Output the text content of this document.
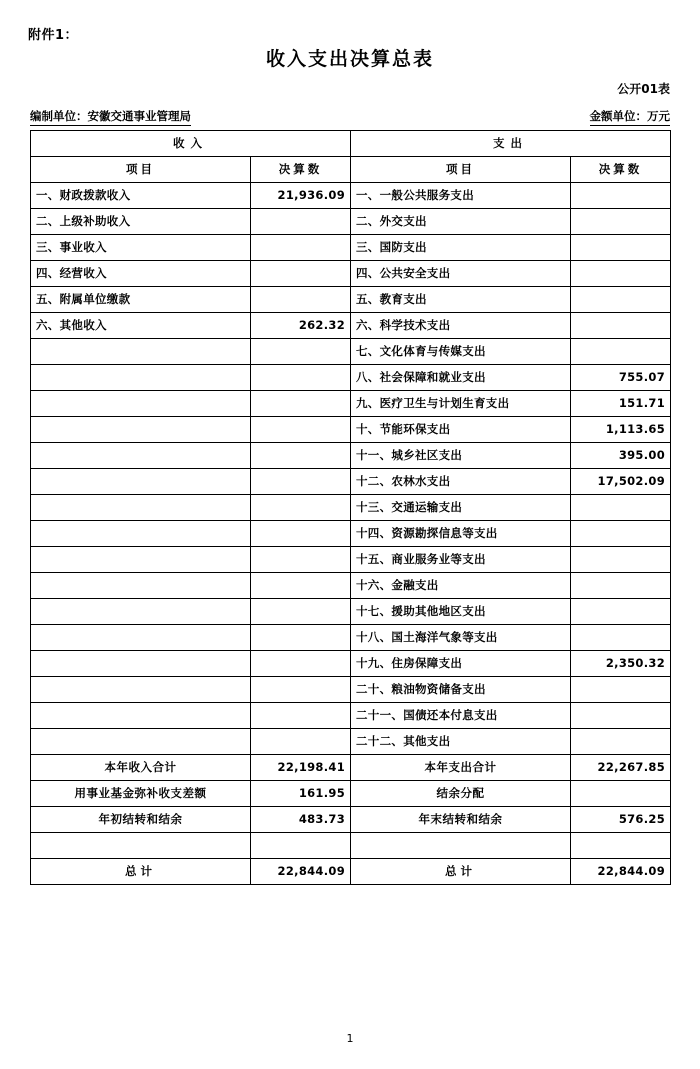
附件1：
收入支出决算总表
公开01表
编制单位：安徽交通事业管理局	金额单位：万元
收入		支出	
项目	决算数	项目	决算数
一、财政拨款收入	21,936.09	一、一般公共服务支出	
二、上级补助收入		二、外交支出	
三、事业收入		三、国防支出	
四、经营收入		四、公共安全支出	
五、附属单位缴款		五、教育支出	
六、其他收入	262.32	六、科学技术支出	
		七、文化体育与传媒支出	
		八、社会保障和就业支出	755.07
		九、医疗卫生与计划生育支出	151.71
		十、节能环保支出	1,113.65
		十一、城乡社区支出	395.00
		十二、农林水支出	17,502.09
		十三、交通运输支出	
		十四、资源勘探信息等支出	
		十五、商业服务业等支出	
		十六、金融支出	
		十七、援助其他地区支出	
		十八、国土海洋气象等支出	
		十九、住房保障支出	2,350.32
		二十、粮油物资储备支出	
		二十一、国债还本付息支出	
		二十二、其他支出	
本年收入合计	22,198.41	本年支出合计	22,267.85
用事业基金弥补收支差额	161.95	结余分配	
年初结转和结余	483.73	年末结转和结余	576.25

总计	22,844.09	总计	22,844.09
1
